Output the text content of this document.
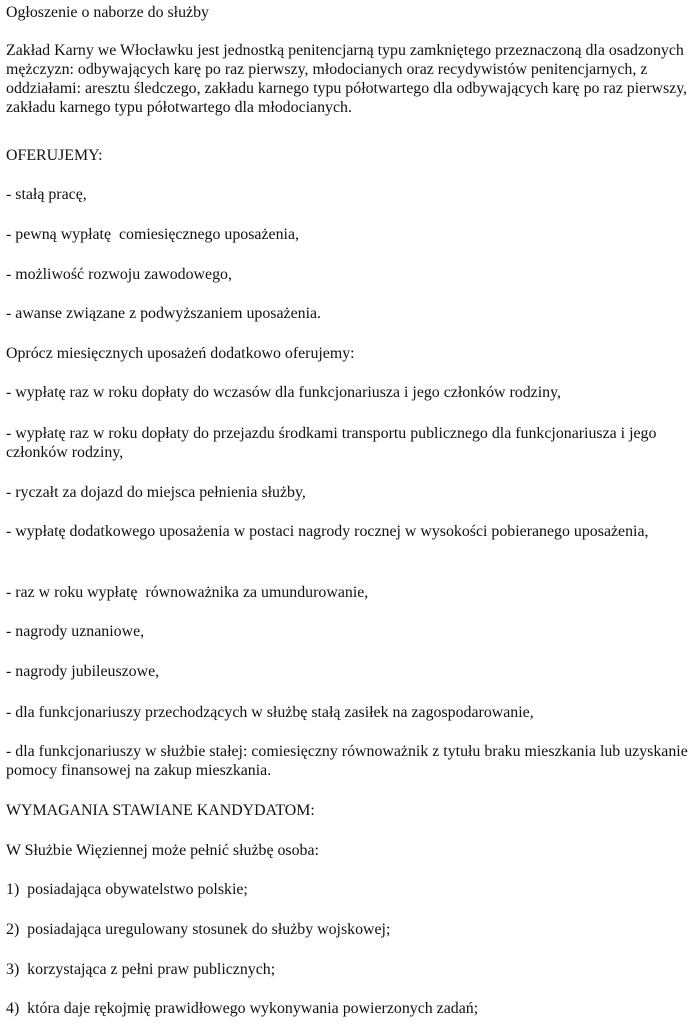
Ogłoszenie o naborze do służby

Zakład Karny we Włocławku jest jednostką penitencjarną typu zamkniętego przeznaczoną dla osadzonych mężczyzn: odbywających karę po raz pierwszy, młodocianych oraz recydywistów penitencjarnych, z oddziałami: aresztu śledczego, zakładu karnego typu półotwartego dla odbywających karę po raz pierwszy, zakładu karnego typu półotwartego dla młodocianych.

OFERUJEMY:

- stałą pracę,

- pewną wypłatę  comiesięcznego uposażenia,

- możliwość rozwoju zawodowego,

- awanse związane z podwyższaniem uposażenia.

Oprócz miesięcznych uposażeń dodatkowo oferujemy:

- wypłatę raz w roku dopłaty do wczasów dla funkcjonariusza i jego członków rodziny,

- wypłatę raz w roku dopłaty do przejazdu środkami transportu publicznego dla funkcjonariusza i jego członków rodziny,

- ryczałt za dojazd do miejsca pełnienia służby,

- wypłatę dodatkowego uposażenia w postaci nagrody rocznej w wysokości pobieranego uposażenia,

- raz w roku wypłatę  równoważnika za umundurowanie,

- nagrody uznaniowe,

- nagrody jubileuszowe,

- dla funkcjonariuszy przechodzących w służbę stałą zasiłek na zagospodarowanie,

- dla funkcjonariuszy w służbie stałej: comiesięczny równoważnik z tytułu braku mieszkania lub uzyskanie pomocy finansowej na zakup mieszkania.

WYMAGANIA STAWIANE KANDYDATOM:

W Służbie Więziennej może pełnić służbę osoba:

1)  posiadająca obywatelstwo polskie;

2)  posiadająca uregulowany stosunek do służby wojskowej;

3)  korzystająca z pełni praw publicznych;

4)  która daje rękojmię prawidłowego wykonywania powierzonych zadań;
